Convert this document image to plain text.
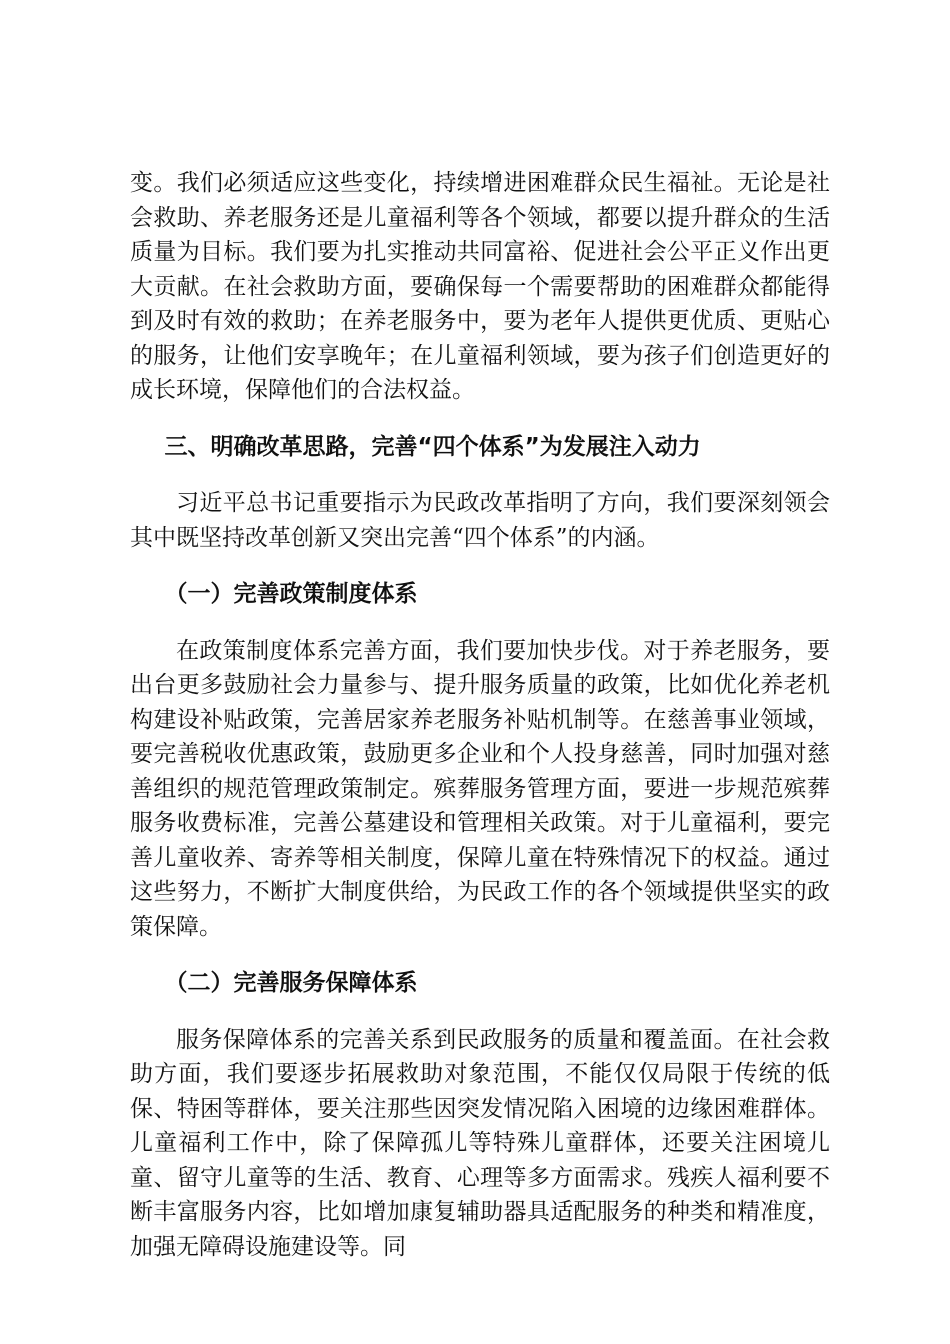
变。我们必须适应这些变化，持续增进困难群众民生福祉。无论是社会救助、养老服务还是儿童福利等各个领域，都要以提升群众的生活质量为目标。我们要为扎实推动共同富裕、促进社会公平正义作出更大贡献。在社会救助方面，要确保每一个需要帮助的困难群众都能得到及时有效的救助；在养老服务中，要为老年人提供更优质、更贴心的服务，让他们安享晚年；在儿童福利领域，要为孩子们创造更好的成长环境，保障他们的合法权益。

三、明确改革思路，完善“四个体系”为发展注入动力

习近平总书记重要指示为民政改革指明了方向，我们要深刻领会其中既坚持改革创新又突出完善“四个体系”的内涵。

（一）完善政策制度体系

在政策制度体系完善方面，我们要加快步伐。对于养老服务，要出台更多鼓励社会力量参与、提升服务质量的政策，比如优化养老机构建设补贴政策，完善居家养老服务补贴机制等。在慈善事业领域，要完善税收优惠政策，鼓励更多企业和个人投身慈善，同时加强对慈善组织的规范管理政策制定。殡葬服务管理方面，要进一步规范殡葬服务收费标准，完善公墓建设和管理相关政策。对于儿童福利，要完善儿童收养、寄养等相关制度，保障儿童在特殊情况下的权益。通过这些努力，不断扩大制度供给，为民政工作的各个领域提供坚实的政策保障。

（二）完善服务保障体系

服务保障体系的完善关系到民政服务的质量和覆盖面。在社会救助方面，我们要逐步拓展救助对象范围，不能仅仅局限于传统的低保、特困等群体，要关注那些因突发情况陷入困境的边缘困难群体。儿童福利工作中，除了保障孤儿等特殊儿童群体，还要关注困境儿童、留守儿童等的生活、教育、心理等多方面需求。残疾人福利要不断丰富服务内容，比如增加康复辅助器具适配服务的种类和精准度，加强无障碍设施建设等。同
